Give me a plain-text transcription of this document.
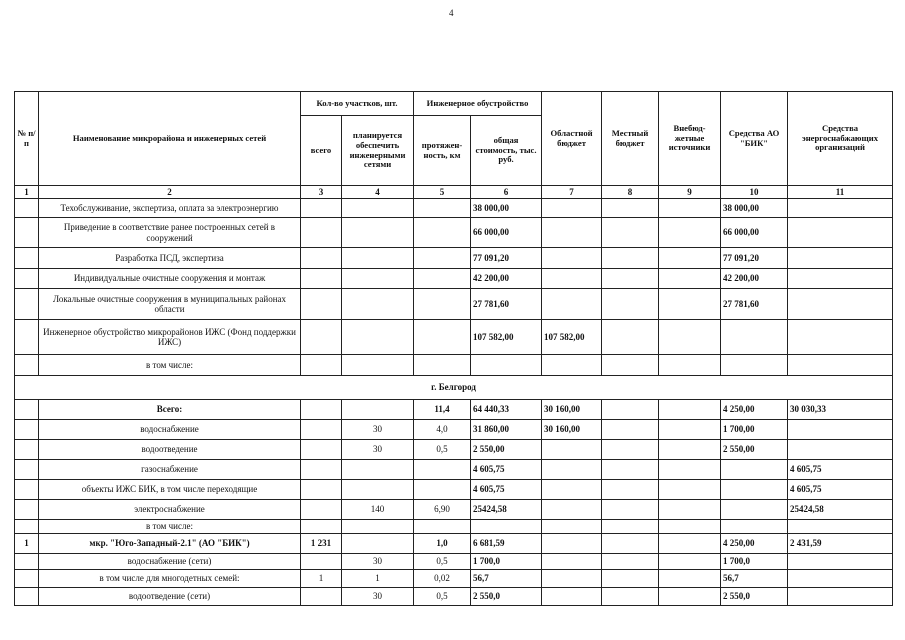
4
№ п/п	Наименование микрорайона и инженерных сетей	Кол-во участков, шт.		Инженерное обустройство		Областной бюджет	Местный бюджет	Внебюд-жетные источники	Средства АО "БИК"	Средства энергоснабжающих организаций
		всего	планируется обеспечить инженерными сетями	протяжен-ность, км	общая стоимость, тыс. руб.					
1	2	3	4	5	6	7	8	9	10	11
	Техобслуживание, экспертиза, оплата за электроэнергию				38 000,00				38 000,00	
	Приведение в соответствие ранее построенных сетей в сооружений				66 000,00				66 000,00	
	Разработка ПСД, экспертиза				77 091,20				77 091,20	
	Индивидуальные очистные сооружения и монтаж				42 200,00				42 200,00	
	Локальные очистные сооружения в муниципальных районах области				27 781,60				27 781,60	
	Инженерное обустройство микрорайонов ИЖС (Фонд поддержки ИЖС)				107 582,00	107 582,00				
	в том числе:									
г. Белгород										
	Всего:			11,4	64 440,33	30 160,00			4 250,00	30 030,33
	водоснабжение		30	4,0	31 860,00	30 160,00			1 700,00	
	водоотведение		30	0,5	2 550,00				2 550,00	
	газоснабжение				4 605,75					4 605,75
	объекты ИЖС БИК, в том числе переходящие				4 605,75					4 605,75
	электроснабжение		140	6,90	25424,58					25424,58
	в том числе:									
1	мкр. "Юго-Западный-2.1" (АО "БИК")	1 231		1,0	6 681,59				4 250,00	2 431,59
	водоснабжение (сети)		30	0,5	1 700,0				1 700,0	
	в том числе для многодетных семей:	1	1	0,02	56,7				56,7	
	водоотведение (сети)		30	0,5	2 550,0				2 550,0	
